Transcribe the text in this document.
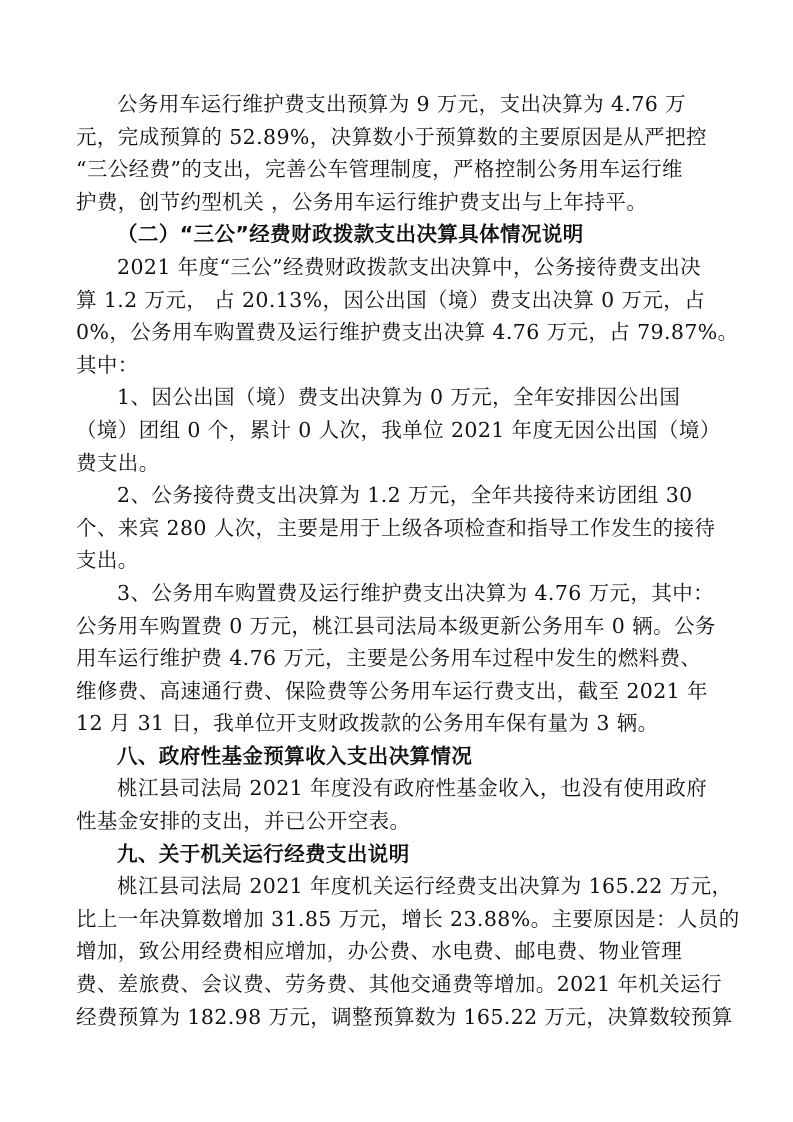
公务用车运行维护费支出预算为 9 万元，支出决算为 4.76 万
元，完成预算的 52.89%，决算数小于预算数的主要原因是从严把控
“三公经费”的支出，完善公车管理制度，严格控制公务用车运行维
护费，创节约型机关 ，公务用车运行维护费支出与上年持平。
（二）“三公”经费财政拨款支出决算具体情况说明
2021 年度“三公”经费财政拨款支出决算中，公务接待费支出决
算 1.2 万元， 占 20.13%，因公出国（境）费支出决算 0 万元，占
0%，公务用车购置费及运行维护费支出决算 4.76 万元，占 79.87%。
其中：
1、因公出国（境）费支出决算为 0 万元，全年安排因公出国
（境）团组 0 个，累计 0 人次，我单位 2021 年度无因公出国（境）
费支出。
2、公务接待费支出决算为 1.2 万元，全年共接待来访团组 30
个、来宾 280 人次，主要是用于上级各项检查和指导工作发生的接待
支出。
3、公务用车购置费及运行维护费支出决算为 4.76 万元，其中：
公务用车购置费 0 万元，桃江县司法局本级更新公务用车 0 辆。公务
用车运行维护费 4.76 万元，主要是公务用车过程中发生的燃料费、
维修费、高速通行费、保险费等公务用车运行费支出，截至 2021 年
12 月 31 日，我单位开支财政拨款的公务用车保有量为 3 辆。
八、政府性基金预算收入支出决算情况
桃江县司法局 2021 年度没有政府性基金收入，也没有使用政府
性基金安排的支出，并已公开空表。
九、关于机关运行经费支出说明
桃江县司法局 2021 年度机关运行经费支出决算为 165.22 万元，
比上一年决算数增加 31.85 万元，增长 23.88%。主要原因是：人员的
增加，致公用经费相应增加，办公费、水电费、邮电费、物业管理
费、差旅费、会议费、劳务费、其他交通费等增加。2021 年机关运行
经费预算为 182.98 万元，调整预算数为 165.22 万元，决算数较预算
